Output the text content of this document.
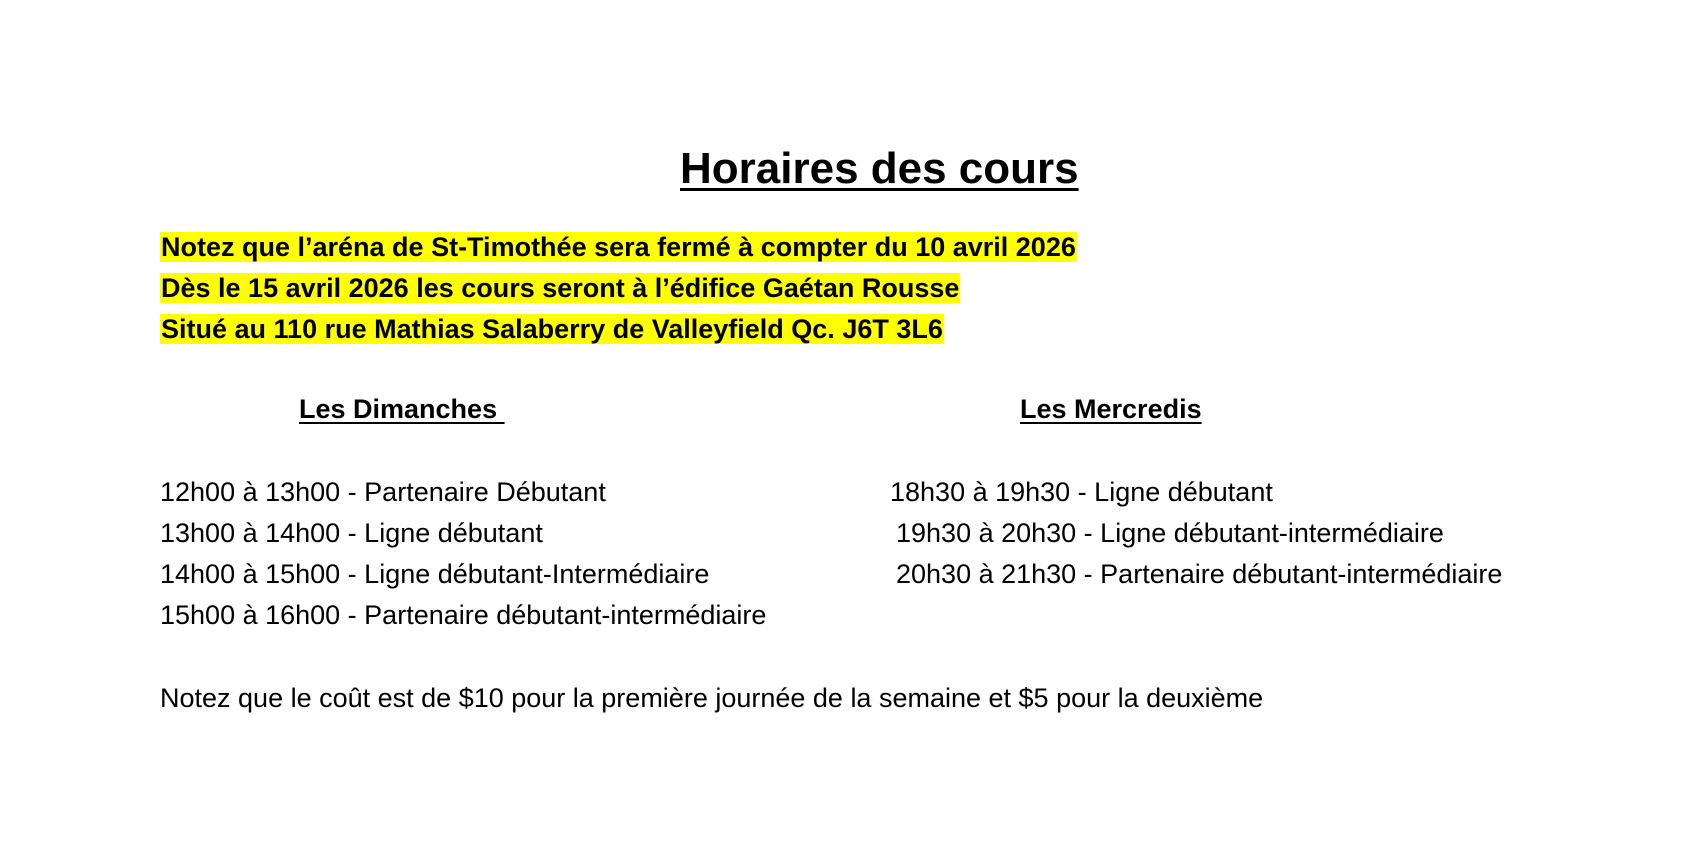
Horaires des cours
Notez que l’aréna de St-Timothée sera fermé à compter du 10 avril 2026
Dès le 15 avril 2026 les cours seront à l’édifice Gaétan Rousse
Situé au 110 rue Mathias Salaberry de Valleyfield Qc. J6T 3L6
Les Dimanches	Les Mercredis
12h00 à 13h00 - Partenaire Débutant
13h00 à 14h00 - Ligne débutant
14h00 à 15h00 - Ligne débutant-Intermédiaire
15h00 à 16h00 - Partenaire débutant-intermédiaire
18h30 à 19h30 - Ligne débutant
19h30 à 20h30 - Ligne débutant-intermédiaire
20h30 à 21h30 - Partenaire débutant-intermédiaire
Notez que le coût est de $10 pour la première journée de la semaine et $5 pour la deuxième
